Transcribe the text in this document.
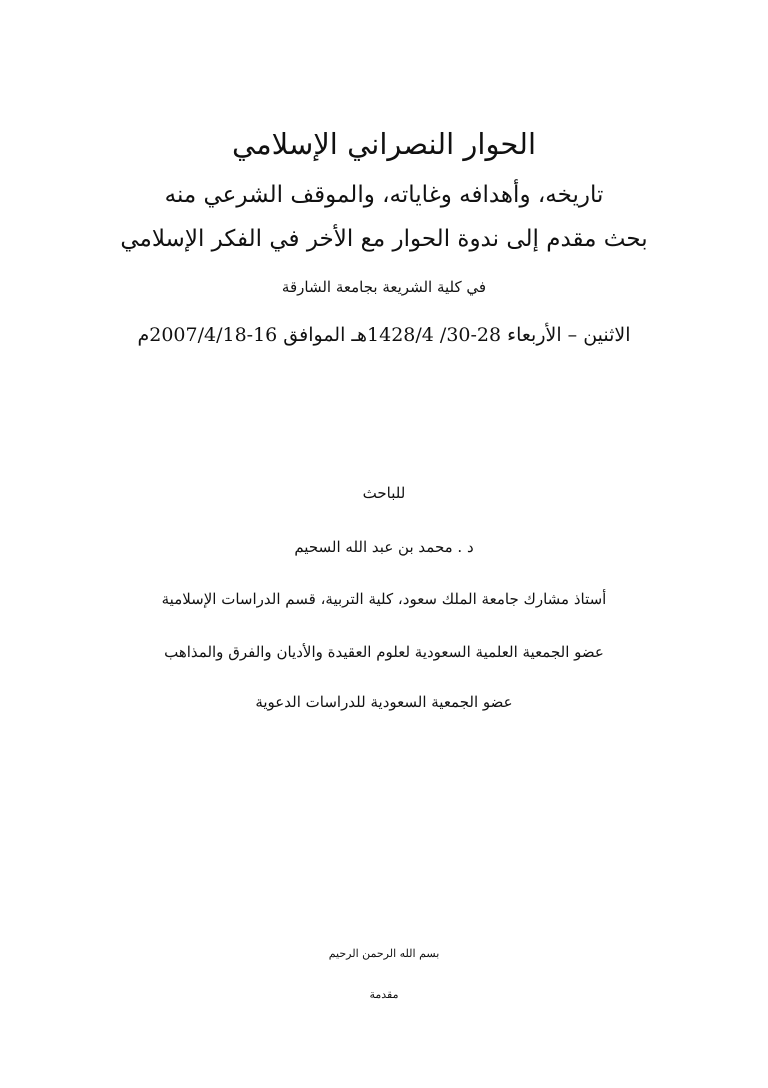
الحوار النصراني الإسلامي
تاريخه، وأهدافه وغاياته، والموقف الشرعي منه
بحث مقدم إلى ندوة الحوار مع الأخر في الفكر الإسلامي
في كلية الشريعة بجامعة الشارقة
الاثنين – الأربعاء 28-30/ 1428/4هـ الموافق 16-2007/4/18م
للباحث
د . محمد بن عبد الله السحيم
أستاذ مشارك جامعة الملك سعود، كلية التربية، قسم الدراسات الإسلامية
عضو الجمعية العلمية السعودية لعلوم العقيدة والأديان والفرق والمذاهب
عضو الجمعية السعودية للدراسات الدعوية
بسم الله الرحمن الرحيم
مقدمة
